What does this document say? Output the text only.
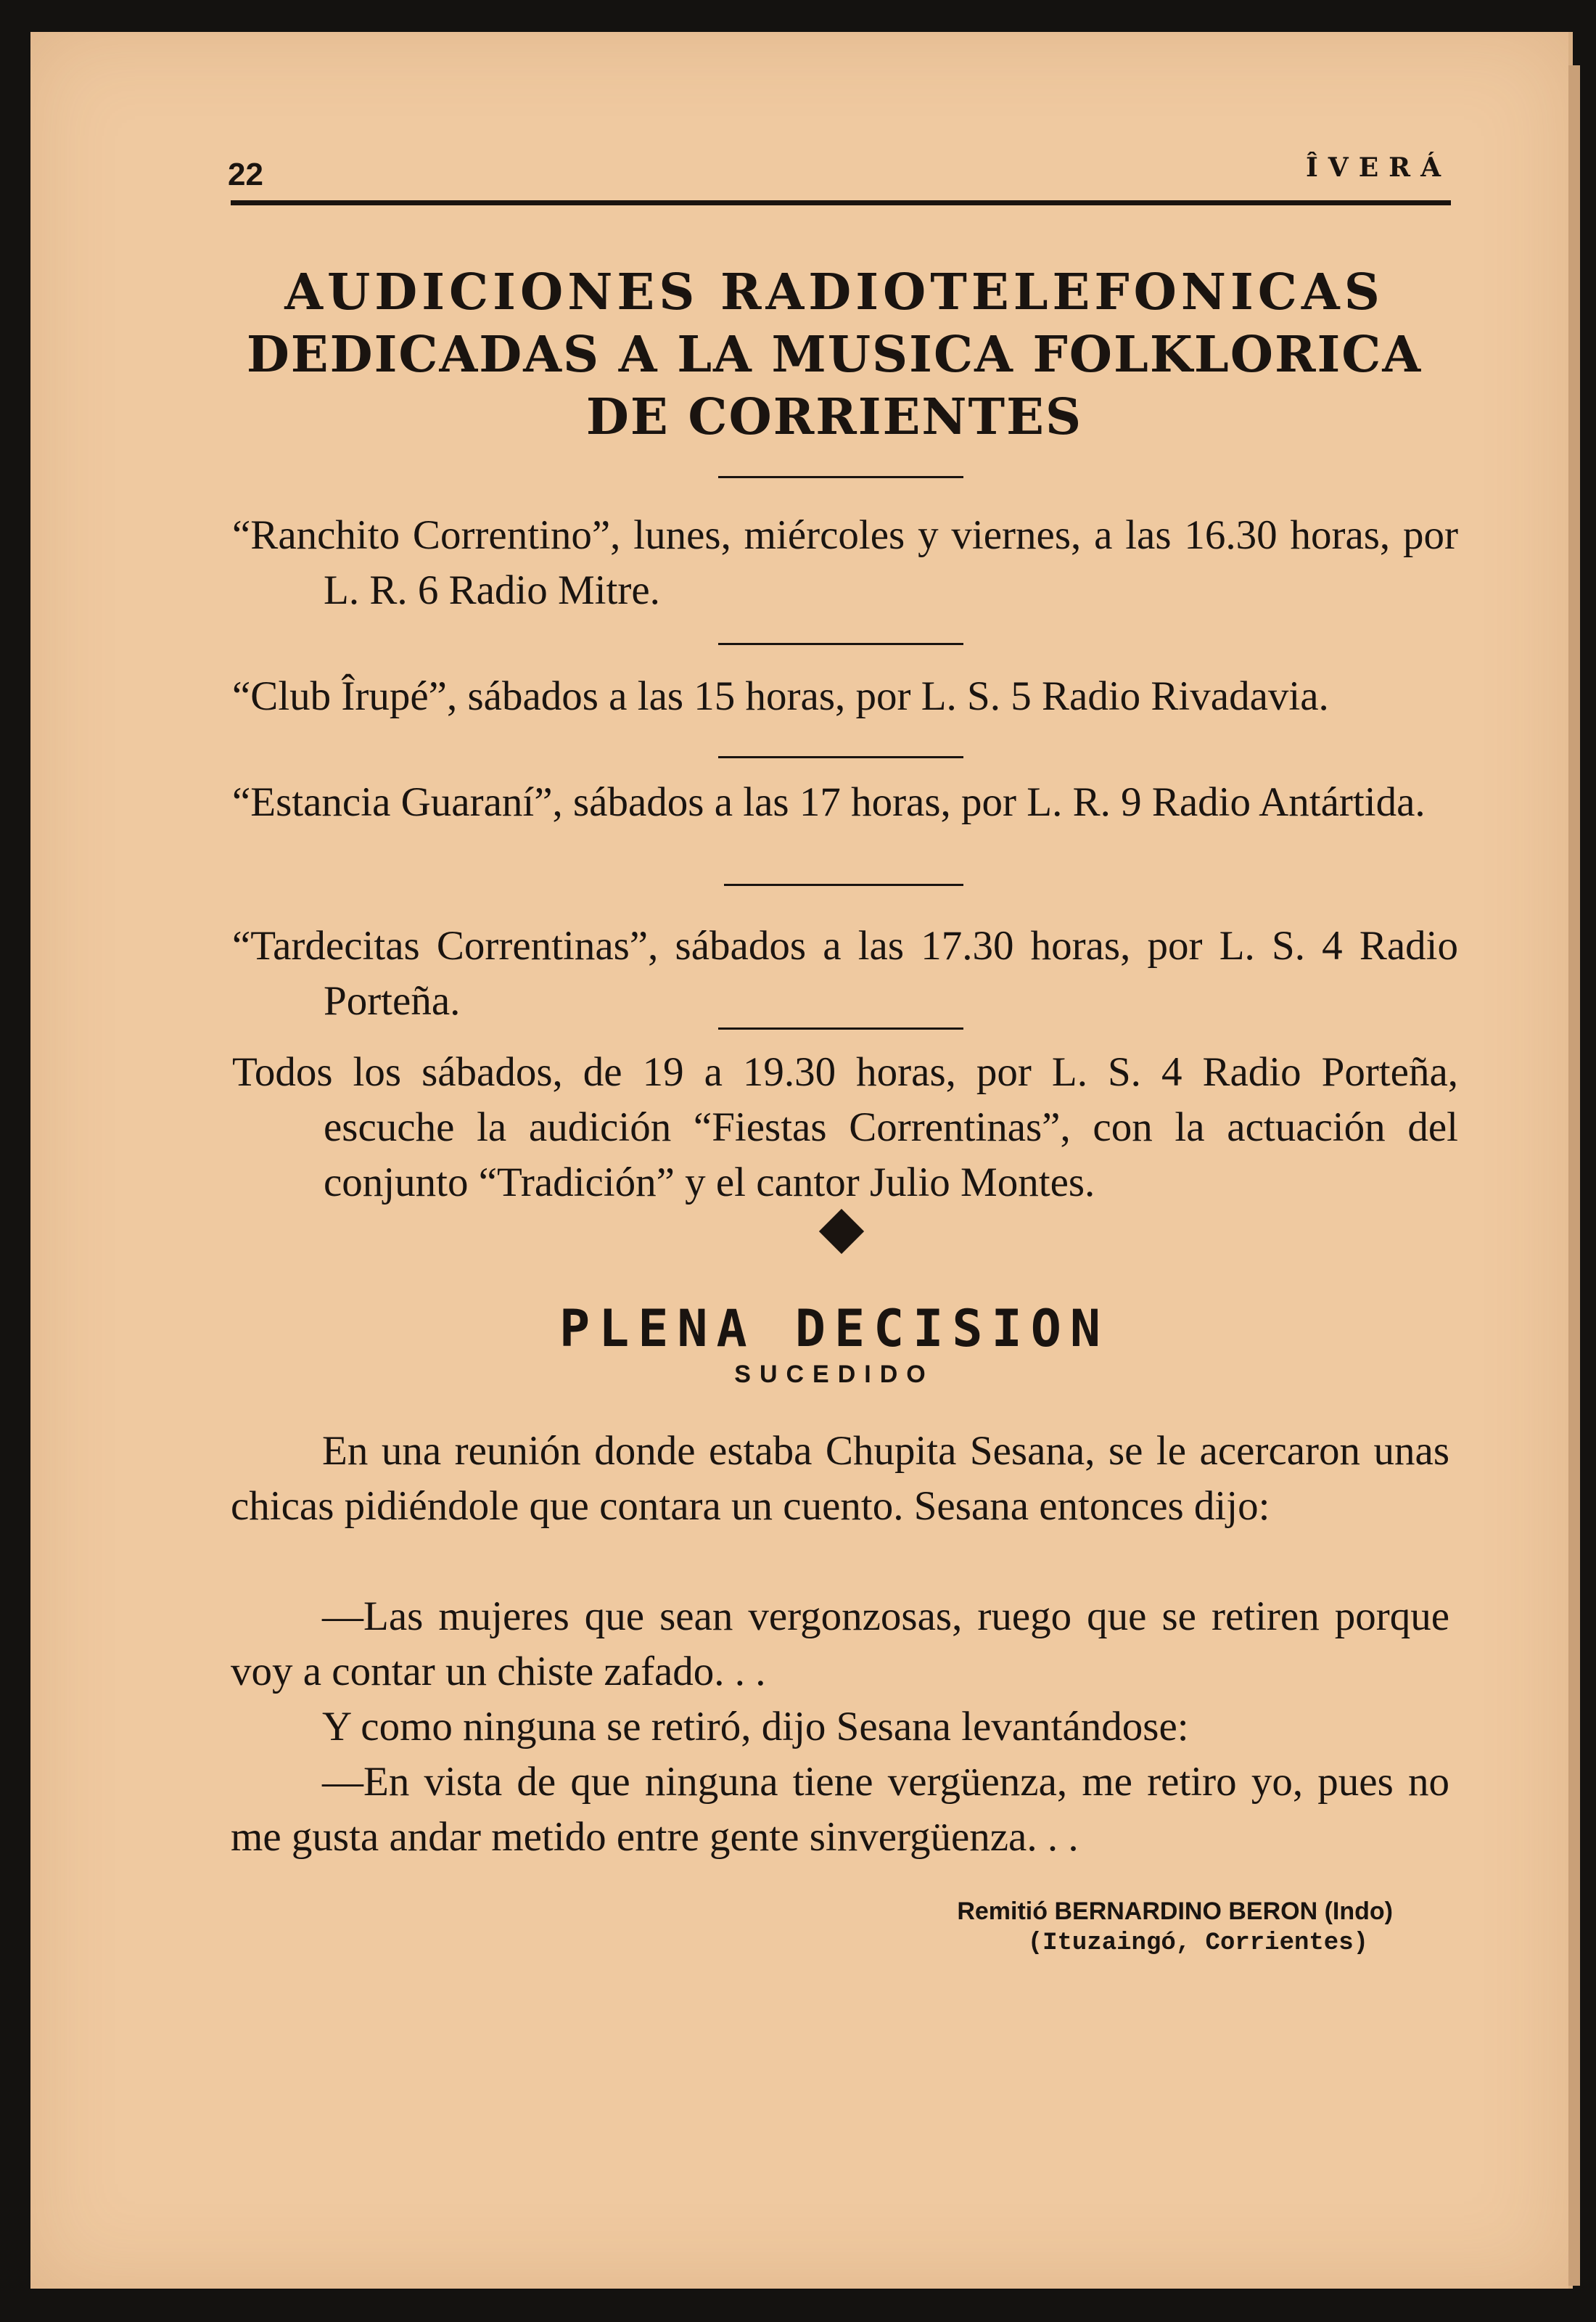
22	ÎVERÁ
AUDICIONES RADIOTELEFONICAS
DEDICADAS A LA MUSICA FOLKLORICA
DE CORRIENTES
“Ranchito Correntino”, lunes, miércoles y viernes, a las 16.30 horas, por L. R. 6 Radio Mitre.
“Club Îrupé”, sábados a las 15 horas, por L. S. 5 Radio Rivadavia.
“Estancia Guaraní”, sábados a las 17 horas, por L. R. 9 Radio Antártida.
“Tardecitas Correntinas”, sábados a las 17.30 horas, por L. S. 4 Radio Porteña.
Todos los sábados, de 19 a 19.30 horas, por L. S. 4 Radio Porteña, escuche la audición “Fiestas Correntinas”, con la actuación del conjunto “Tradición” y el cantor Julio Montes.
PLENA DECISION
SUCEDIDO
En una reunión donde estaba Chupita Sesana, se le acercaron unas chicas pidiéndole que contara un cuento. Sesana entonces dijo:
—Las mujeres que sean vergonzosas, ruego que se retiren porque voy a contar un chiste zafado. . .
Y como ninguna se retiró, dijo Sesana levantándose:
—En vista de que ninguna tiene vergüenza, me retiro yo, pues no me gusta andar metido entre gente sinvergüenza. . .
Remitió BERNARDINO BERON (Indo)
(Ituzaingó, Corrientes)
